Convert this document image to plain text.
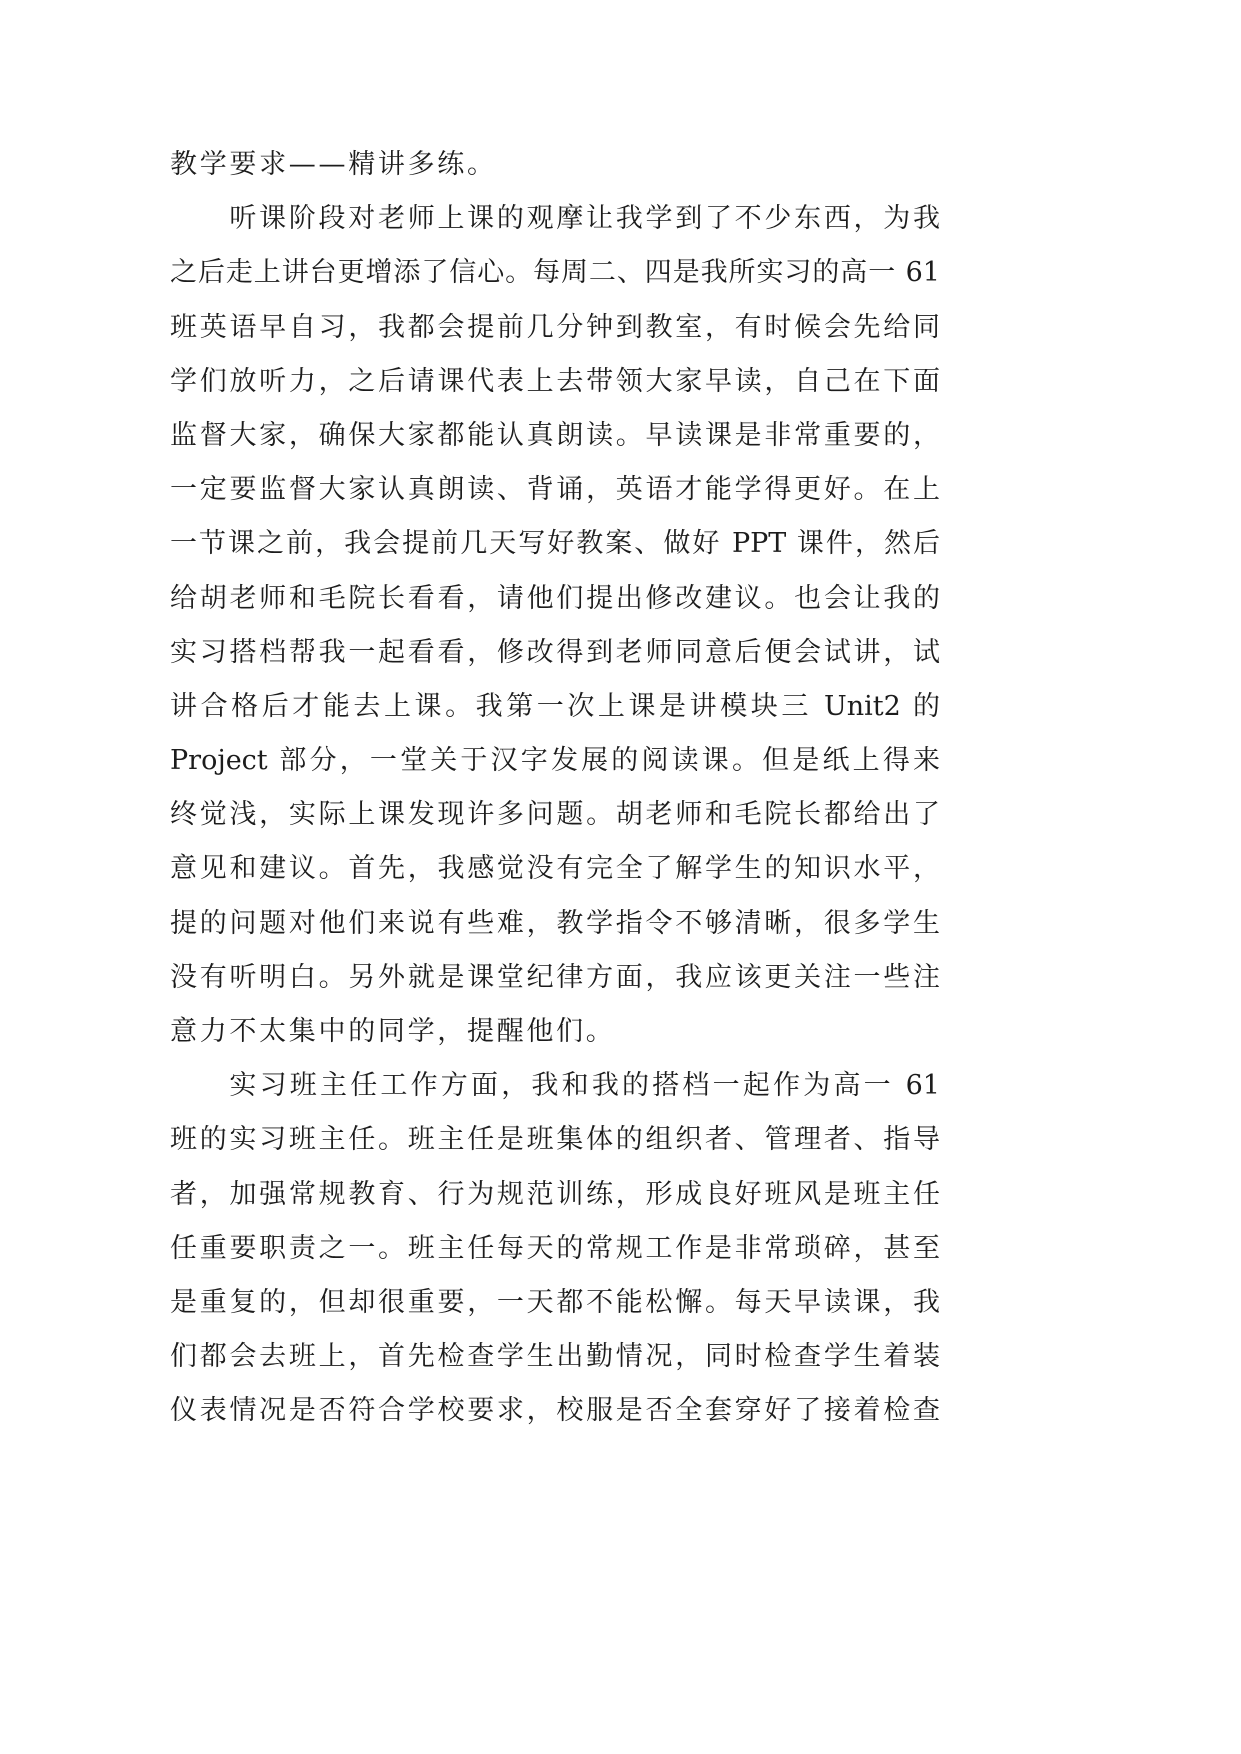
教学要求——精讲多练。
听课阶段对老师上课的观摩让我学到了不少东西，为我
之后走上讲台更增添了信心。每周二、四是我所实习的高一 61
班英语早自习，我都会提前几分钟到教室，有时候会先给同
学们放听力，之后请课代表上去带领大家早读，自己在下面
监督大家，确保大家都能认真朗读。早读课是非常重要的，
一定要监督大家认真朗读、背诵，英语才能学得更好。在上
一节课之前，我会提前几天写好教案、做好 PPT 课件，然后
给胡老师和毛院长看看，请他们提出修改建议。也会让我的
实习搭档帮我一起看看，修改得到老师同意后便会试讲，试
讲合格后才能去上课。我第一次上课是讲模块三 Unit2 的
Project 部分，一堂关于汉字发展的阅读课。但是纸上得来
终觉浅，实际上课发现许多问题。胡老师和毛院长都给出了
意见和建议。首先，我感觉没有完全了解学生的知识水平，
提的问题对他们来说有些难，教学指令不够清晰，很多学生
没有听明白。另外就是课堂纪律方面，我应该更关注一些注
意力不太集中的同学，提醒他们。
实习班主任工作方面，我和我的搭档一起作为高一 61
班的实习班主任。班主任是班集体的组织者、管理者、指导
者，加强常规教育、行为规范训练，形成良好班风是班主任
任重要职责之一。班主任每天的常规工作是非常琐碎，甚至
是重复的，但却很重要，一天都不能松懈。每天早读课，我
们都会去班上，首先检查学生出勤情况，同时检查学生着装
仪表情况是否符合学校要求，校服是否全套穿好了接着检查
